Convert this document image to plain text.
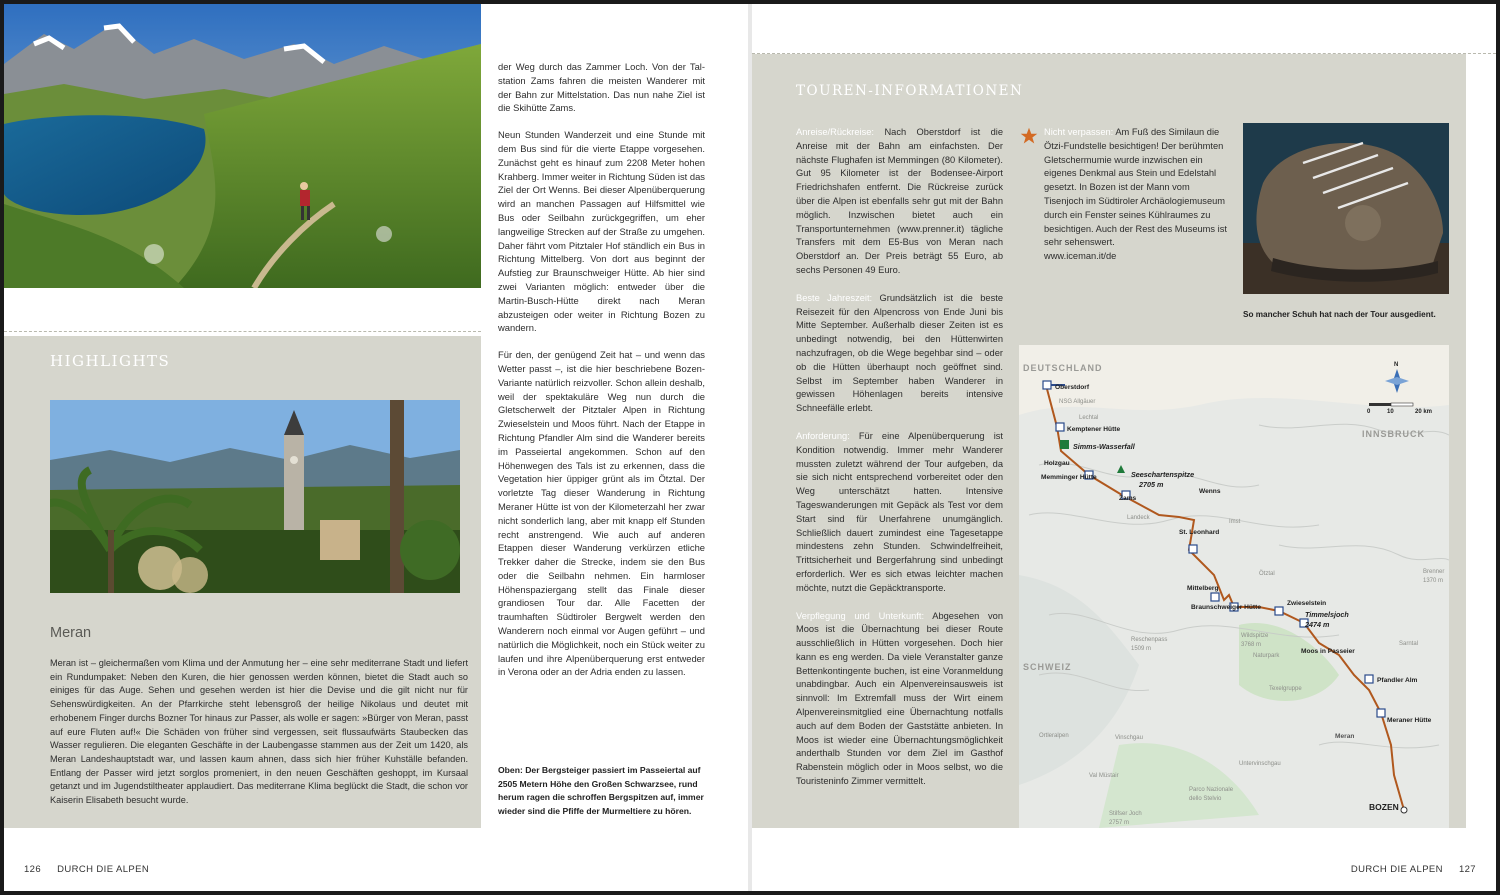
der Weg durch das Zammer Loch. Von der Tal-station Zams fahren die meisten Wanderer mit der Bahn zur Mittelstation. Das nun nahe Ziel ist die Skihütte Zams.

Neun Stunden Wanderzeit und eine Stunde mit dem Bus sind für die vierte Etappe vorgesehen. Zunächst geht es hinauf zum 2208 Meter hohen Krahberg. Immer weiter in Richtung Süden ist das Ziel der Ort Wenns. Bei dieser Alpenüberquerung wird an manchen Passagen auf Hilfsmittel wie Bus oder Seilbahn zurückgegriffen, um eher langweilige Strecken auf der Straße zu umgehen. Daher fährt vom Pitztaler Hof ständlich ein Bus in Richtung Mittelberg. Von dort aus beginnt der Aufstieg zur Braunschweiger Hütte. Ab hier sind zwei Varianten möglich: entweder über die Martin-Busch-Hütte direkt nach Meran abzusteigen oder weiter in Richtung Bozen zu wandern.

Für den, der genügend Zeit hat – und wenn das Wetter passt –, ist die hier beschriebene Bozen-Variante natürlich reizvoller. Schon allein deshalb, weil der spektakuläre Weg nun durch die Gletscherwelt der Pitztaler Alpen in Richtung Zwieselstein und Moos führt. Nach der Etappe in Richtung Pfandler Alm sind die Wanderer bereits im Passeiertal angekommen. Schon auf den Höhenwegen des Tals ist zu erkennen, dass die Vegetation hier üppiger grünt als im Ötztal. Der vorletzte Tag dieser Wanderung in Richtung Meraner Hütte ist von der Kilometerzahl her zwar nicht sonderlich lang, aber mit knapp elf Stunden recht anstrengend. Wie auch auf anderen Etappen dieser Wanderung verkürzen etliche Trekker daher die Strecke, indem sie den Bus oder die Seilbahn nehmen. Ein harmloser Höhenspaziergang stellt das Finale dieser grandiosen Tour dar. Alle Facetten der traumhaften Südtiroler Bergwelt werden den Wanderern noch einmal vor Augen geführt – und natürlich die Möglichkeit, noch ein Stück weiter zu laufen und ihre Alpenüberquerung erst entweder in Verona oder an der Adria enden zu lassen.

HIGHLIGHTS
Meran
Meran ist – gleichermaßen vom Klima und der Anmutung her – eine sehr mediterrane Stadt und liefert ein Rundumpaket: Neben den Kuren, die hier genossen werden können, bietet die Stadt auch so einiges für das Auge. Sehen und gesehen werden ist hier die Devise und die gilt nicht nur für Sehenswürdigkeiten. An der Pfarrkirche steht lebensgroß der heilige Nikolaus und deutet mit erhobenem Finger durchs Bozner Tor hinaus zur Passer, als wolle er sagen: »Bürger von Meran, passt auf eure Fluten auf!« Die Schäden von früher sind vergessen, seit flussaufwärts Staubecken das Wasser regulieren. Die eleganten Geschäfte in der Laubengasse stammen aus der Zeit um 1420, als Meran Landeshauptstadt war, und lassen kaum ahnen, dass sich hier früher Kuhställe befanden. Entlang der Passer wird jetzt sorglos promeniert, in den neuen Geschäften geshoppt, im Kursaal getanzt und im Jugendstiltheater applaudiert. Das mediterrane Klima beglückt die Stadt, die schon vor Kaiserin Elisabeth besucht wurde.
Oben: Der Bergsteiger passiert im Passeiertal auf 2505 Metern Höhe den Großen Schwarzsee, rund herum ragen die schroffen Bergspitzen auf, immer wieder sind die Pfiffe der Murmeltiere zu hören.
126 DURCH DIE ALPEN
TOUREN-INFORMATIONEN
Anreise/Rückreise: Nach Oberstdorf ist die Anreise mit der Bahn am einfachsten. Der nächste Flughafen ist Memmingen (80 Kilometer). Gut 95 Kilometer ist der Bodensee-Airport Friedrichshafen entfernt. Die Rückreise zurück über die Alpen ist ebenfalls sehr gut mit der Bahn möglich. Inzwischen bietet auch ein Transportunternehmen (www.prenner.it) tägliche Transfers mit dem E5-Bus von Meran nach Oberstdorf an. Der Preis beträgt 55 Euro, ab sechs Personen 49 Euro.
Beste Jahreszeit: Grundsätzlich ist die beste Reisezeit für den Alpencross von Ende Juni bis Mitte September. Außerhalb dieser Zeiten ist es unbedingt notwendig, bei den Hüttenwirten nachzufragen, ob die Wege begehbar sind – oder ob die Hütten überhaupt noch geöffnet sind. Selbst im September haben Wanderer in gewissen Höhenlagen bereits intensive Schneefälle erlebt.
Anforderung: Für eine Alpenüberquerung ist Kondition notwendig. Immer mehr Wanderer mussten zuletzt während der Tour aufgeben, da sie sich nicht entsprechend vorbereitet oder den Weg unterschätzt hatten. Intensive Tageswanderungen mit Gepäck als Test vor dem Start sind für Unerfahrene unumgänglich. Schließlich dauert zumindest eine Tagesetappe mindestens zehn Stunden. Schwindelfreiheit, Trittsicherheit und Bergerfahrung sind unbedingt erforderlich. Wer es sich etwas leichter machen möchte, nutzt die Gepäcktransporte.
Verpflegung und Unterkunft: Abgesehen von Moos ist die Übernachtung bei dieser Route ausschließlich in Hütten vorgesehen. Doch hier kann es eng werden. Da viele Veranstalter ganze Bettenkontingente buchen, ist eine Voranmeldung unabdingbar. Auch ein Alpenvereinsausweis ist sinnvoll: Im Extremfall muss der Wirt einem Alpenvereinsmitglied eine Übernachtung notfalls auch auf dem Boden der Gaststätte anbieten. In Moos ist wieder eine Übernachtungsmöglichkeit anderthalb Stunden vor dem Ziel im Gasthof Rabenstein möglich oder in Moos selbst, wo die Touristeninfo Zimmer vermittelt.
Nicht verpassen: Am Fuß des Similaun die Ötzi-Fundstelle besichtigen! Der berühmten Gletschermumie wurde inzwischen ein eigenes Denkmal aus Stein und Edelstahl gesetzt. In Bozen ist der Mann vom Tisenjoch im Südtiroler Archäologiemuseum durch ein Fenster seines Kühlraumes zu besichtigen. Auch der Rest des Museums ist sehr sehenswert.
www.iceman.it/de
So mancher Schuh hat nach der Tour ausgedient.
DEUTSCHLAND
INNSBRUCK
SCHWEIZ
Oberstdorf
Kemptener Hütte
Simms-Wasserfall
Holzgau
Memminger Hütte	Seeschartenspitze
2705 m
Zams
Wenns
St. Leonhard
Mittelberg
Braunschweiger Hütte
Zwieselstein
Timmelsjoch
2474 m
Moos in Passeier
Pfandler Alm
Meraner Hütte
BOZEN
Meran
NSG Allgäuer
Lechtal
Landeck
Imst
Ötztal
Reschenpass
1509 m
Wildspitze
3768 m
Naturpark
Texelgruppe
Brenner
1370 m
Stilfser Joch
2757 m
Parco Nazionale
dello Stelvio
Vinschgau
Val Müstair
Untervinschgau
Sarntal
Ortleralpen
N
0	10	20 km
DURCH DIE ALPEN 127
